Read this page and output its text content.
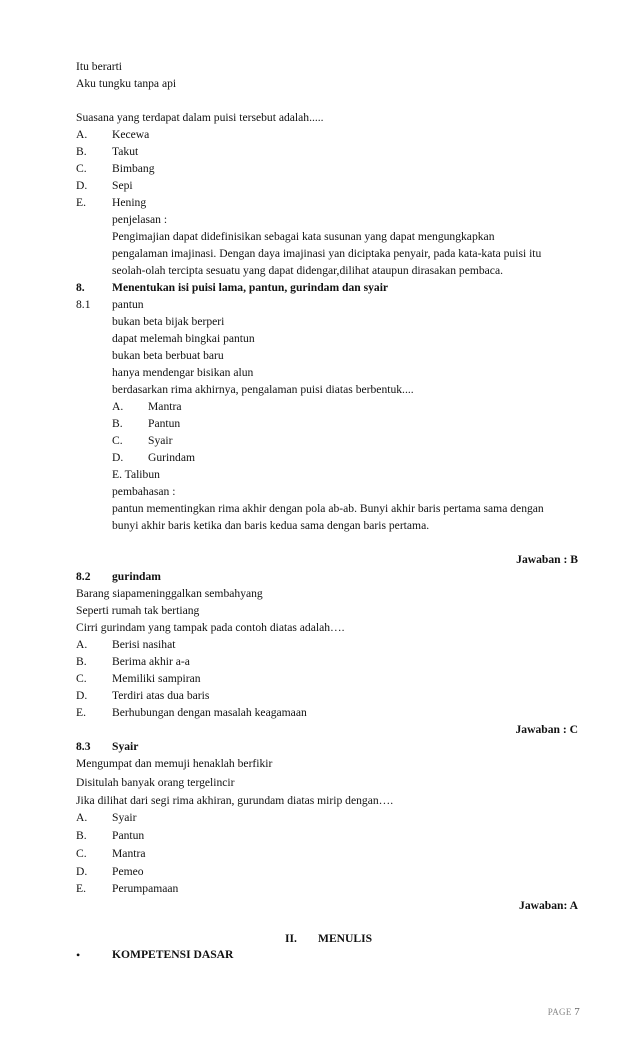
Itu berarti
Aku tungku tanpa api
Suasana yang terdapat dalam puisi tersebut adalah.....
A. Kecewa
B. Takut
C. Bimbang
D. Sepi
E. Hening
penjelasan :
Pengimajian dapat didefinisikan sebagai kata susunan yang dapat mengungkapkan
pengalaman imajinasi. Dengan daya imajinasi yan diciptaka penyair, pada kata-kata puisi itu
seolah-olah tercipta sesuatu yang dapat didengar,dilihat ataupun dirasakan pembaca.
8. Menentukan isi puisi lama, pantun, gurindam dan syair
8.1 pantun
bukan beta bijak berperi
dapat melemah bingkai pantun
bukan beta berbuat baru
hanya mendengar bisikan alun
berdasarkan rima akhirnya, pengalaman puisi diatas berbentuk....
A. Mantra
B. Pantun
C. Syair
D. Gurindam
E. Talibun
pembahasan :
pantun mementingkan rima akhir dengan pola ab-ab. Bunyi akhir baris pertama sama dengan
bunyi akhir baris ketika dan baris kedua sama dengan baris pertama.
Jawaban : B
8.2 gurindam
Barang siapameninggalkan sembahyang
Seperti rumah tak bertiang
Cirri gurindam yang tampak pada contoh diatas adalah….
A. Berisi nasihat
B. Berima akhir a-a
C. Memiliki sampiran
D. Terdiri atas dua baris
E. Berhubungan dengan masalah keagamaan
Jawaban : C
8.3 Syair
Mengumpat dan memuji henaklah berfikir
Disitulah banyak orang tergelincir
Jika dilihat dari segi rima akhiran, gurundam diatas mirip dengan….
A. Syair
B. Pantun
C. Mantra
D. Pemeo
E. Perumpamaan
Jawaban: A
II. MENULIS
•	KOMPETENSI DASAR
PAGE 7
